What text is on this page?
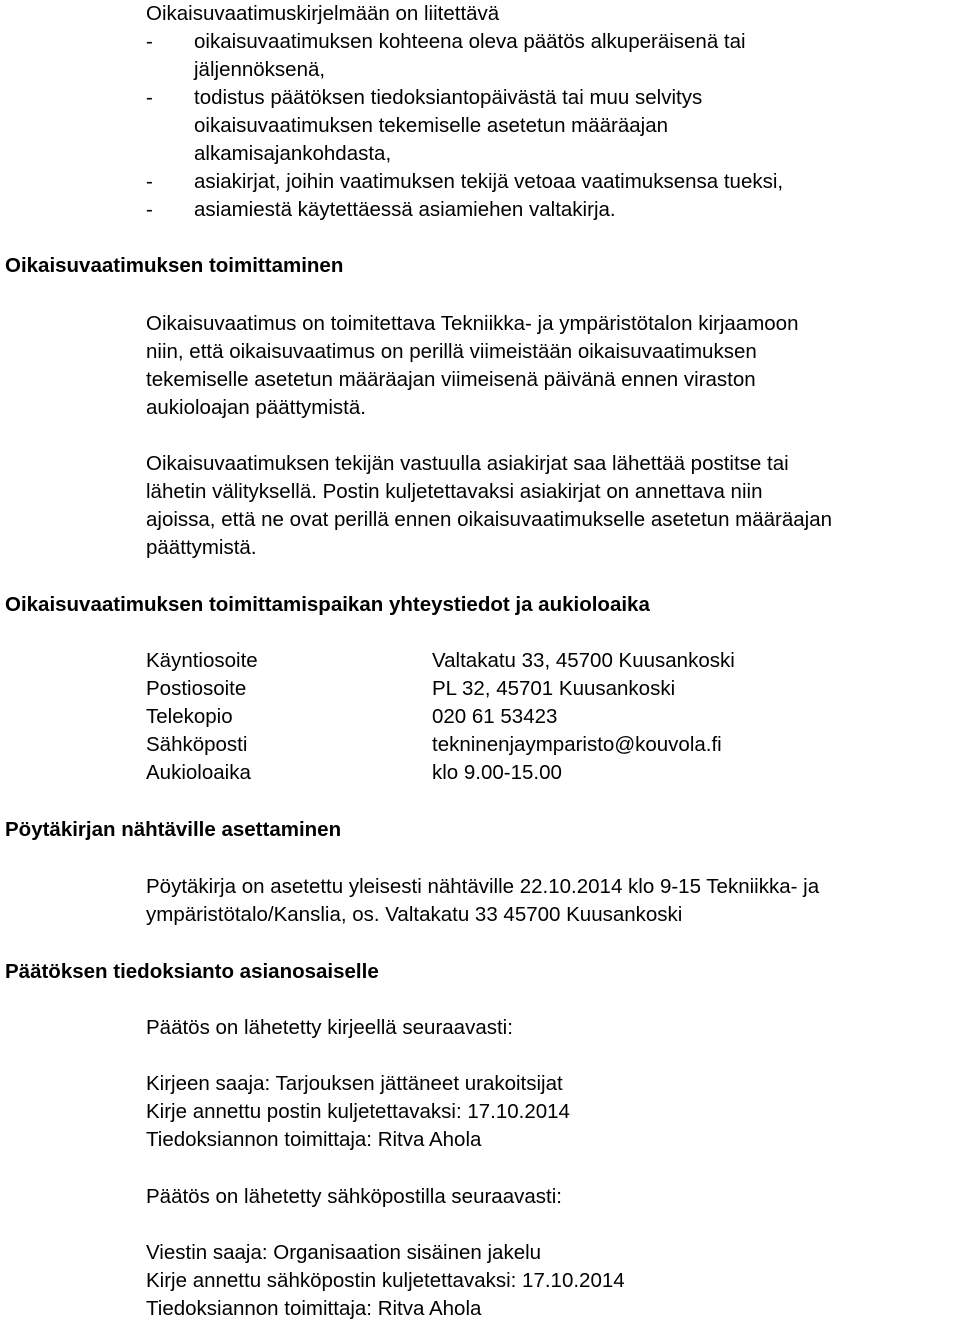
Oikaisuvaatimuskirjelmään on liitettävä
- oikaisuvaatimuksen kohteena oleva päätös alkuperäisenä tai
jäljennöksenä,
- todistus päätöksen tiedoksiantopäivästä tai muu selvitys
oikaisuvaatimuksen tekemiselle asetetun määräajan
alkamisajankohdasta,
- asiakirjat, joihin vaatimuksen tekijä vetoaa vaatimuksensa tueksi,
- asiamiestä käytettäessä asiamiehen valtakirja.
Oikaisuvaatimuksen toimittaminen
Oikaisuvaatimus on toimitettava Tekniikka- ja ympäristötalon kirjaamoon
niin, että oikaisuvaatimus on perillä viimeistään oikaisuvaatimuksen
tekemiselle asetetun määräajan viimeisenä päivänä ennen viraston
aukioloajan päättymistä.
Oikaisuvaatimuksen tekijän vastuulla asiakirjat saa lähettää postitse tai
lähetin välityksellä. Postin kuljetettavaksi asiakirjat on annettava niin
ajoissa, että ne ovat perillä ennen oikaisuvaatimukselle asetetun määräajan
päättymistä.
Oikaisuvaatimuksen toimittamispaikan yhteystiedot ja aukioloaika
Käyntiosoite	Valtakatu 33, 45700 Kuusankoski
Postiosoite	PL 32, 45701 Kuusankoski
Telekopio	020 61 53423
Sähköposti	tekninenjaymparisto@kouvola.fi
Aukioloaika	klo 9.00-15.00
Pöytäkirjan nähtäville asettaminen
Pöytäkirja on asetettu yleisesti nähtäville 22.10.2014 klo 9-15 Tekniikka- ja
ympäristötalo/Kanslia, os. Valtakatu 33 45700 Kuusankoski
Päätöksen tiedoksianto asianosaiselle
Päätös on lähetetty kirjeellä seuraavasti:
Kirjeen saaja: Tarjouksen jättäneet urakoitsijat
Kirje annettu postin kuljetettavaksi: 17.10.2014
Tiedoksiannon toimittaja: Ritva Ahola
Päätös on lähetetty sähköpostilla seuraavasti:
Viestin saaja: Organisaation sisäinen jakelu
Kirje annettu sähköpostin kuljetettavaksi: 17.10.2014
Tiedoksiannon toimittaja: Ritva Ahola
